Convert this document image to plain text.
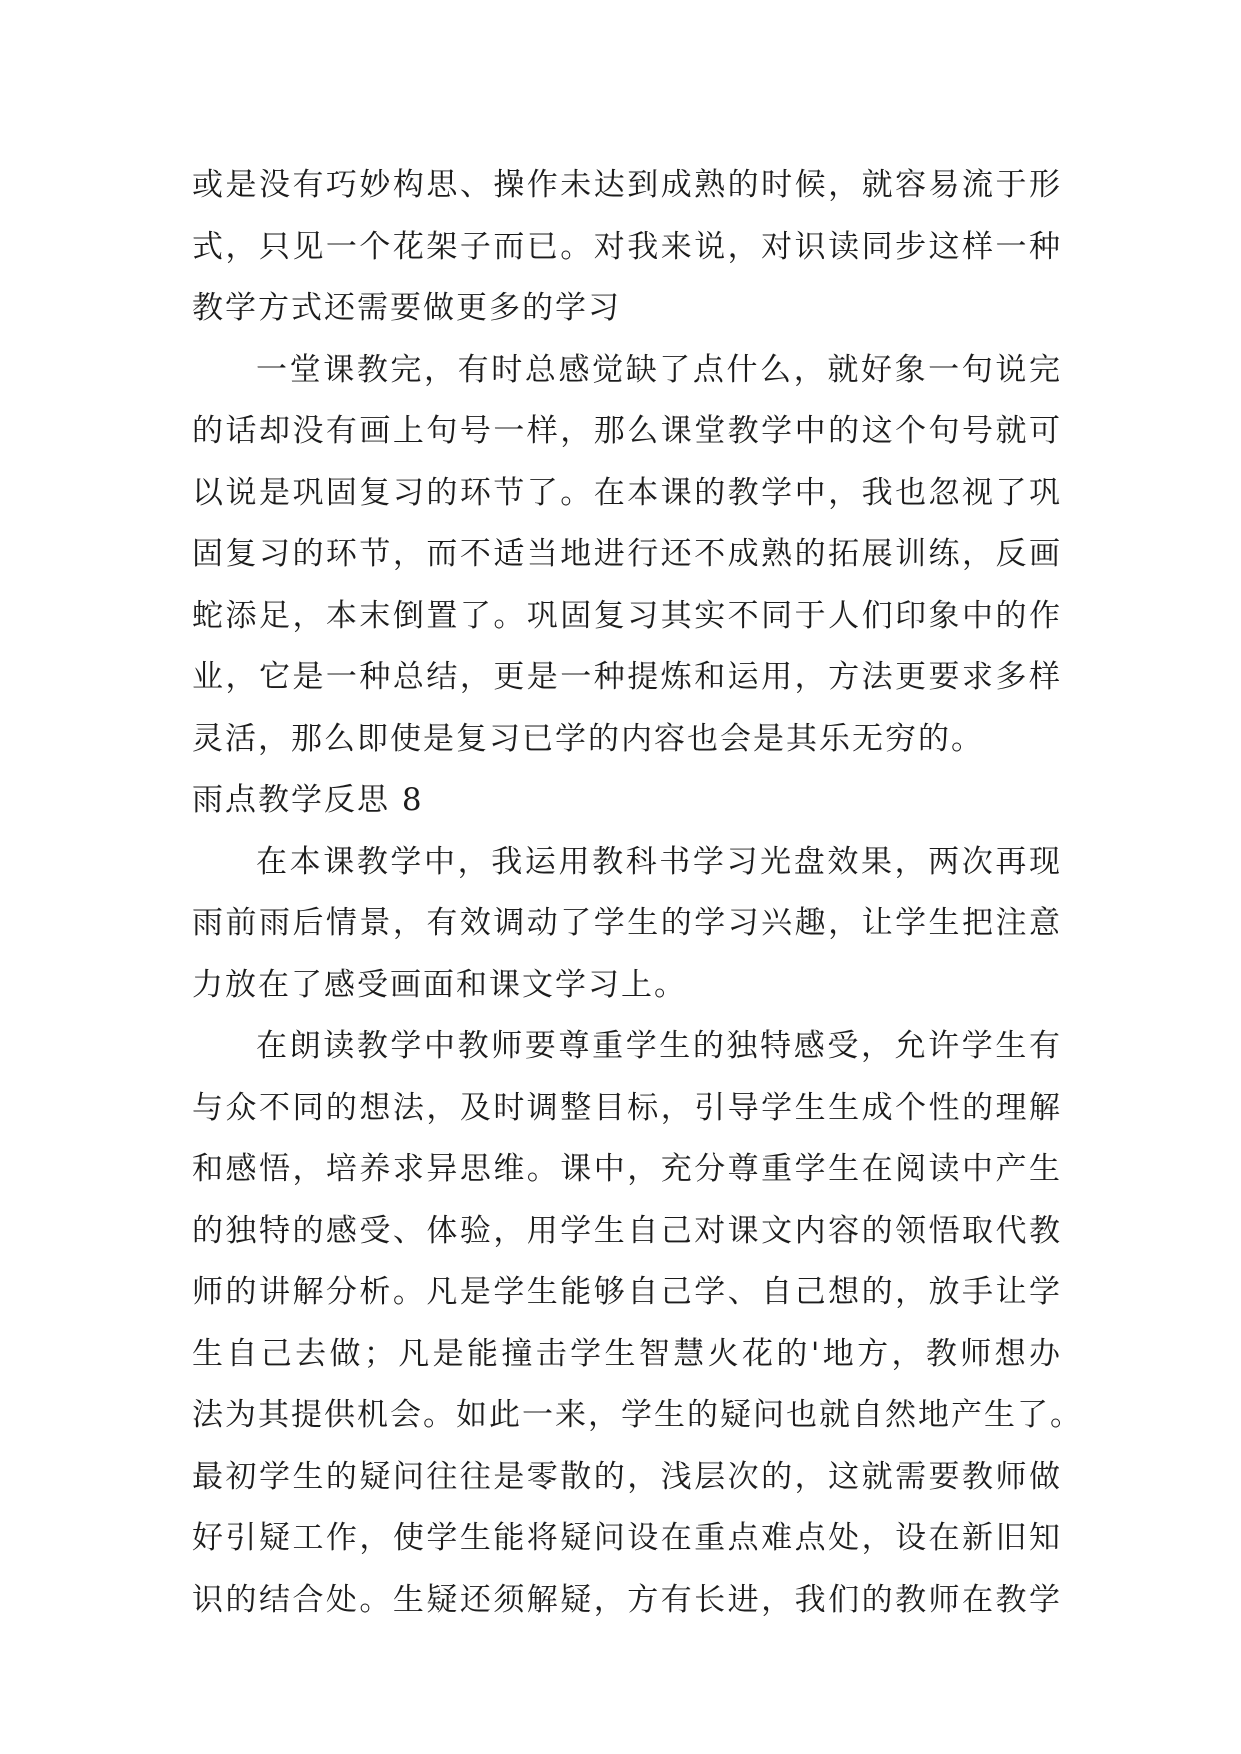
或是没有巧妙构思、操作未达到成熟的时候，就容易流于形
式，只见一个花架子而已。对我来说，对识读同步这样一种
教学方式还需要做更多的学习
一堂课教完，有时总感觉缺了点什么，就好象一句说完
的话却没有画上句号一样，那么课堂教学中的这个句号就可
以说是巩固复习的环节了。在本课的教学中，我也忽视了巩
固复习的环节，而不适当地进行还不成熟的拓展训练，反画
蛇添足，本末倒置了。巩固复习其实不同于人们印象中的作
业，它是一种总结，更是一种提炼和运用，方法更要求多样
灵活，那么即使是复习已学的内容也会是其乐无穷的。
雨点教学反思 8
在本课教学中，我运用教科书学习光盘效果，两次再现
雨前雨后情景，有效调动了学生的学习兴趣，让学生把注意
力放在了感受画面和课文学习上。
在朗读教学中教师要尊重学生的独特感受，允许学生有
与众不同的想法，及时调整目标，引导学生生成个性的理解
和感悟，培养求异思维。课中，充分尊重学生在阅读中产生
的独特的感受、体验，用学生自己对课文内容的领悟取代教
师的讲解分析。凡是学生能够自己学、自己想的，放手让学
生自己去做；凡是能撞击学生智慧火花的'地方，教师想办
法为其提供机会。如此一来，学生的疑问也就自然地产生了。
最初学生的疑问往往是零散的，浅层次的，这就需要教师做
好引疑工作，使学生能将疑问设在重点难点处，设在新旧知
识的结合处。生疑还须解疑，方有长进，我们的教师在教学
